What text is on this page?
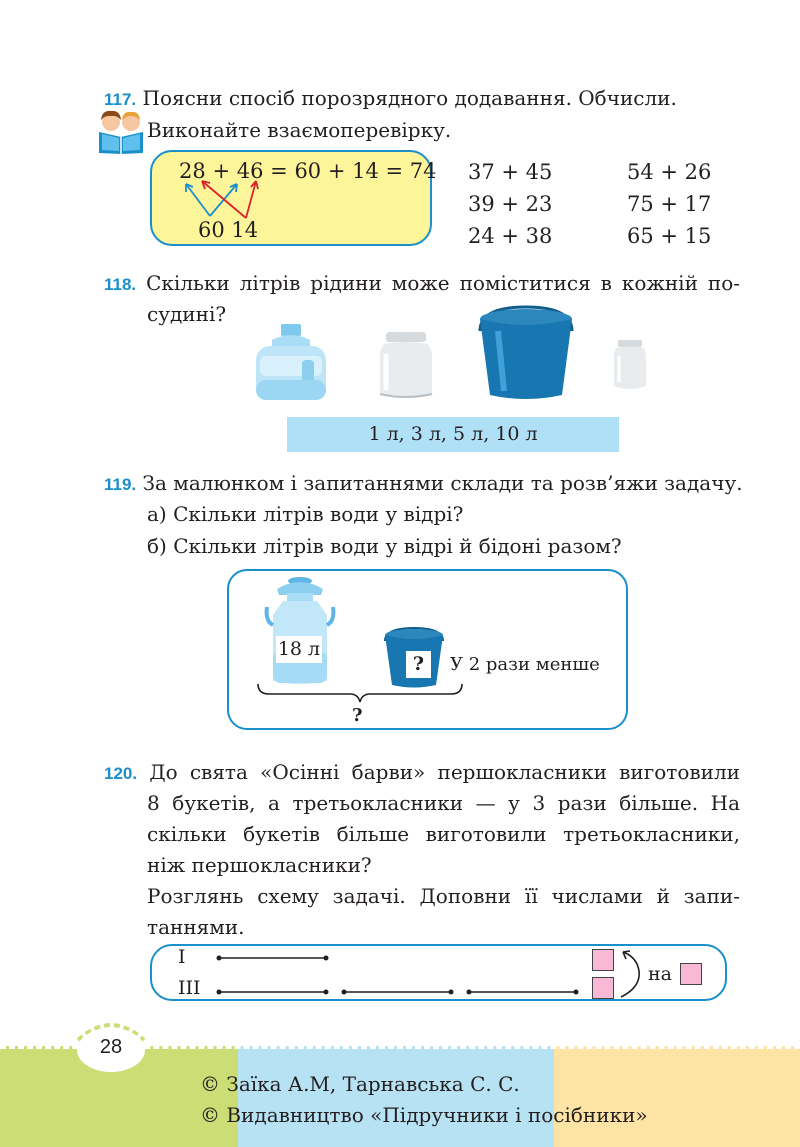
117. Поясни спосіб порозрядного додавання. Обчисли.
Виконайте взаємоперевірку.
28 + 46 = 60 + 14 = 74
60 14
37 + 45
39 + 23
24 + 38
54 + 26
75 + 17
65 + 15
118. Скільки літрів рідини може поміститися в кожній по-
судині?
1 л, 3 л, 5 л, 10 л
119. За малюнком і запитаннями склади та розв’яжи задачу.
а) Скільки літрів води у відрі?
б) Скільки літрів води у відрі й бідоні разом?
18 л
?	У 2 рази менше
?
120. До свята «Осінні барви» першокласники виготовили
8 букетів, а третьокласники — у 3 рази більше. На
скільки букетів більше виготовили третьокласники,
ніж першокласники?
Розглянь схему задачі. Доповни її числами й запи-
таннями.
I
III
на
28
© Заїка А.М, Тарнавська С. С.
© Видавництво «Підручники і посібники»
